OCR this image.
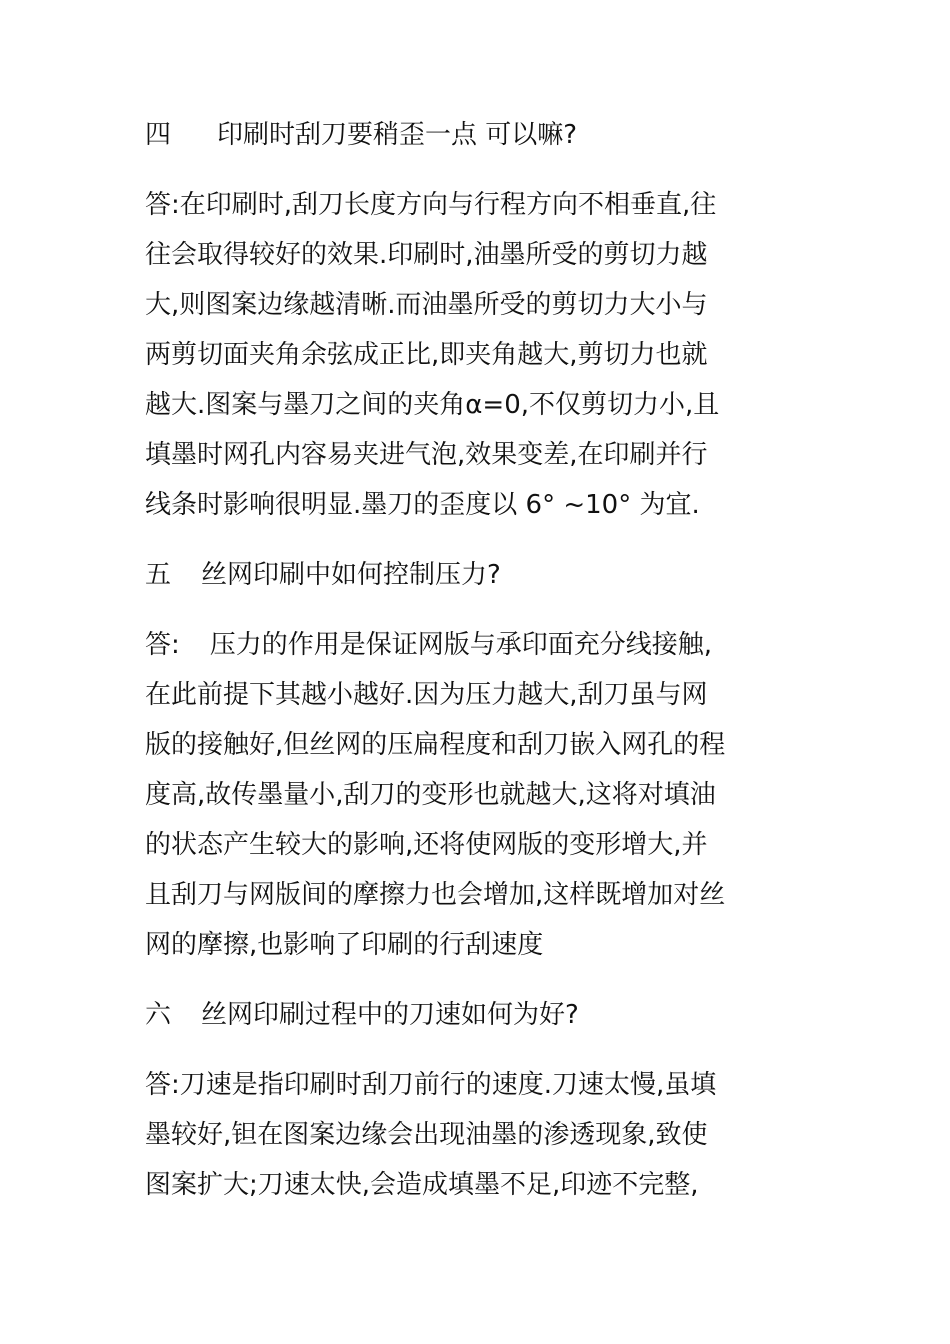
四 印刷时刮刀要稍歪一点 可以嘛?
答:在印刷时,刮刀长度方向与行程方向不相垂直,往
往会取得较好的效果.印刷时,油墨所受的剪切力越
大,则图案边缘越清晰.而油墨所受的剪切力大小与
两剪切面夹角余弦成正比,即夹角越大,剪切力也就
越大.图案与墨刀之间的夹角α=0,不仅剪切力小,且
填墨时网孔内容易夹进气泡,效果变差,在印刷并行
线条时影响很明显.墨刀的歪度以 6° ~10° 为宜.
五 丝网印刷中如何控制压力?
答: 压力的作用是保证网版与承印面充分线接触,
在此前提下其越小越好.因为压力越大,刮刀虽与网
版的接触好,但丝网的压扁程度和刮刀嵌入网孔的程
度高,故传墨量小,刮刀的变形也就越大,这将对填油
的状态产生较大的影响,还将使网版的变形增大,并
且刮刀与网版间的摩擦力也会增加,这样既增加对丝
网的摩擦,也影响了印刷的行刮速度
六 丝网印刷过程中的刀速如何为好?
答:刀速是指印刷时刮刀前行的速度.刀速太慢,虽填
墨较好,钽在图案边缘会出现油墨的渗透现象,致使
图案扩大;刀速太快,会造成填墨不足,印迹不完整,
